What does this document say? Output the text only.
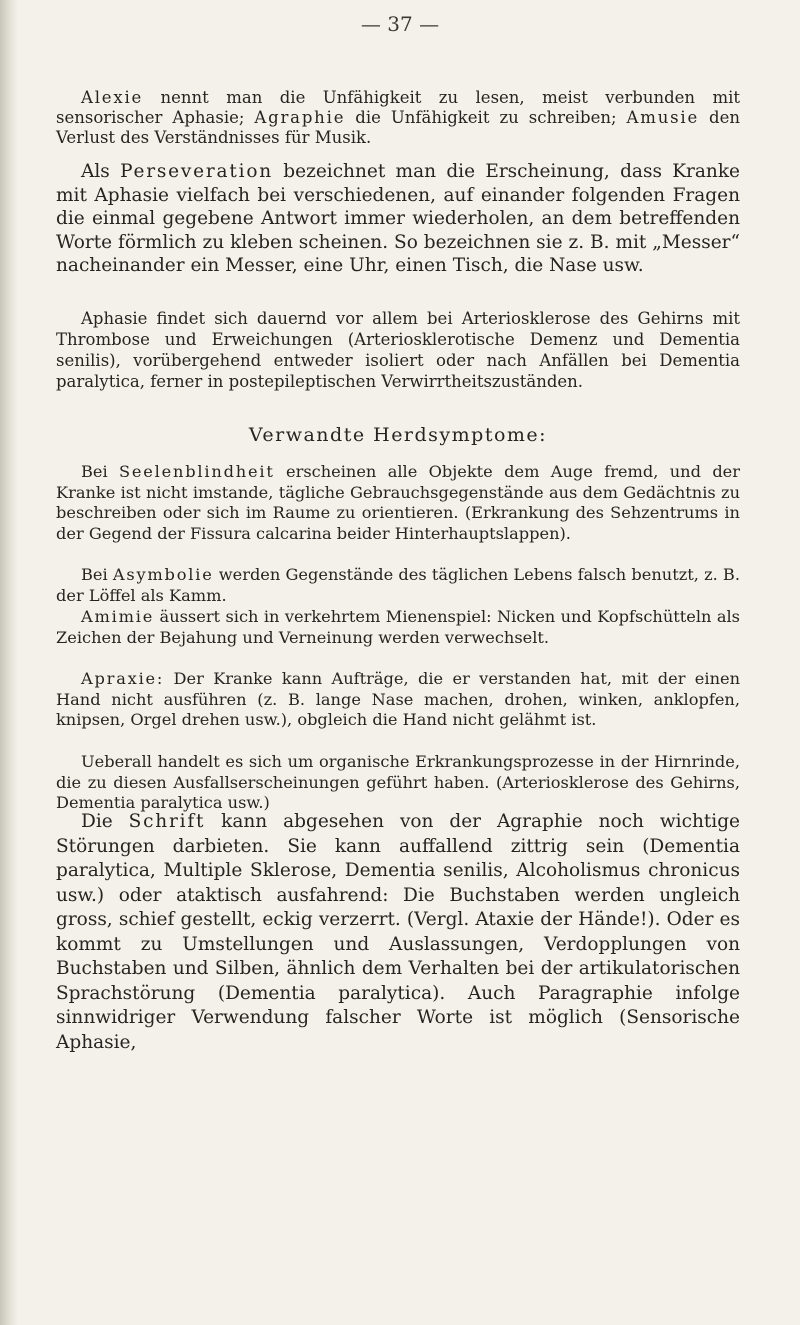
— 37 —

Alexie nennt man die Unfähigkeit zu lesen, meist verbunden mit sensorischer Aphasie; Agraphie die Unfähigkeit zu schreiben; Amusie den Verlust des Verständnisses für Musik.

Als Perseveration bezeichnet man die Erscheinung, dass Kranke mit Aphasie vielfach bei verschiedenen, auf einander folgenden Fragen die einmal gegebene Antwort immer wiederholen, an dem betreffenden Worte förmlich zu kleben scheinen. So bezeichnen sie z. B. mit „Messer“ nacheinander ein Messer, eine Uhr, einen Tisch, die Nase usw.

Aphasie findet sich dauernd vor allem bei Arteriosklerose des Gehirns mit Thrombose und Erweichungen (Arteriosklerotische Demenz und Dementia senilis), vorübergehend entweder isoliert oder nach Anfällen bei Dementia paralytica, ferner in postepileptischen Verwirrtheitszuständen.

Verwandte Herdsymptome:

Bei Seelenblindheit erscheinen alle Objekte dem Auge fremd, und der Kranke ist nicht imstande, tägliche Gebrauchsgegenstände aus dem Gedächtnis zu beschreiben oder sich im Raume zu orientieren. (Erkrankung des Sehzentrums in der Gegend der Fissura calcarina beider Hinterhauptslappen).

Bei Asymbolie werden Gegenstände des täglichen Lebens falsch benutzt, z. B. der Löffel als Kamm.

Amimie äussert sich in verkehrtem Mienenspiel: Nicken und Kopfschütteln als Zeichen der Bejahung und Verneinung werden verwechselt.

Apraxie: Der Kranke kann Aufträge, die er verstanden hat, mit der einen Hand nicht ausführen (z. B. lange Nase machen, drohen, winken, anklopfen, knipsen, Orgel drehen usw.), obgleich die Hand nicht gelähmt ist.

Ueberall handelt es sich um organische Erkrankungsprozesse in der Hirnrinde, die zu diesen Ausfallserscheinungen geführt haben. (Arteriosklerose des Gehirns, Dementia paralytica usw.)

Die Schrift kann abgesehen von der Agraphie noch wichtige Störungen darbieten. Sie kann auffallend zittrig sein (Dementia paralytica, Multiple Sklerose, Dementia senilis, Alcoholismus chronicus usw.) oder ataktisch ausfahrend: Die Buchstaben werden ungleich gross, schief gestellt, eckig verzerrt. (Vergl. Ataxie der Hände!). Oder es kommt zu Umstellungen und Auslassungen, Verdopplungen von Buchstaben und Silben, ähnlich dem Verhalten bei der artikulatorischen Sprachstörung (Dementia paralytica). Auch Paragraphie infolge sinnwidriger Verwendung falscher Worte ist möglich (Sensorische Aphasie,
